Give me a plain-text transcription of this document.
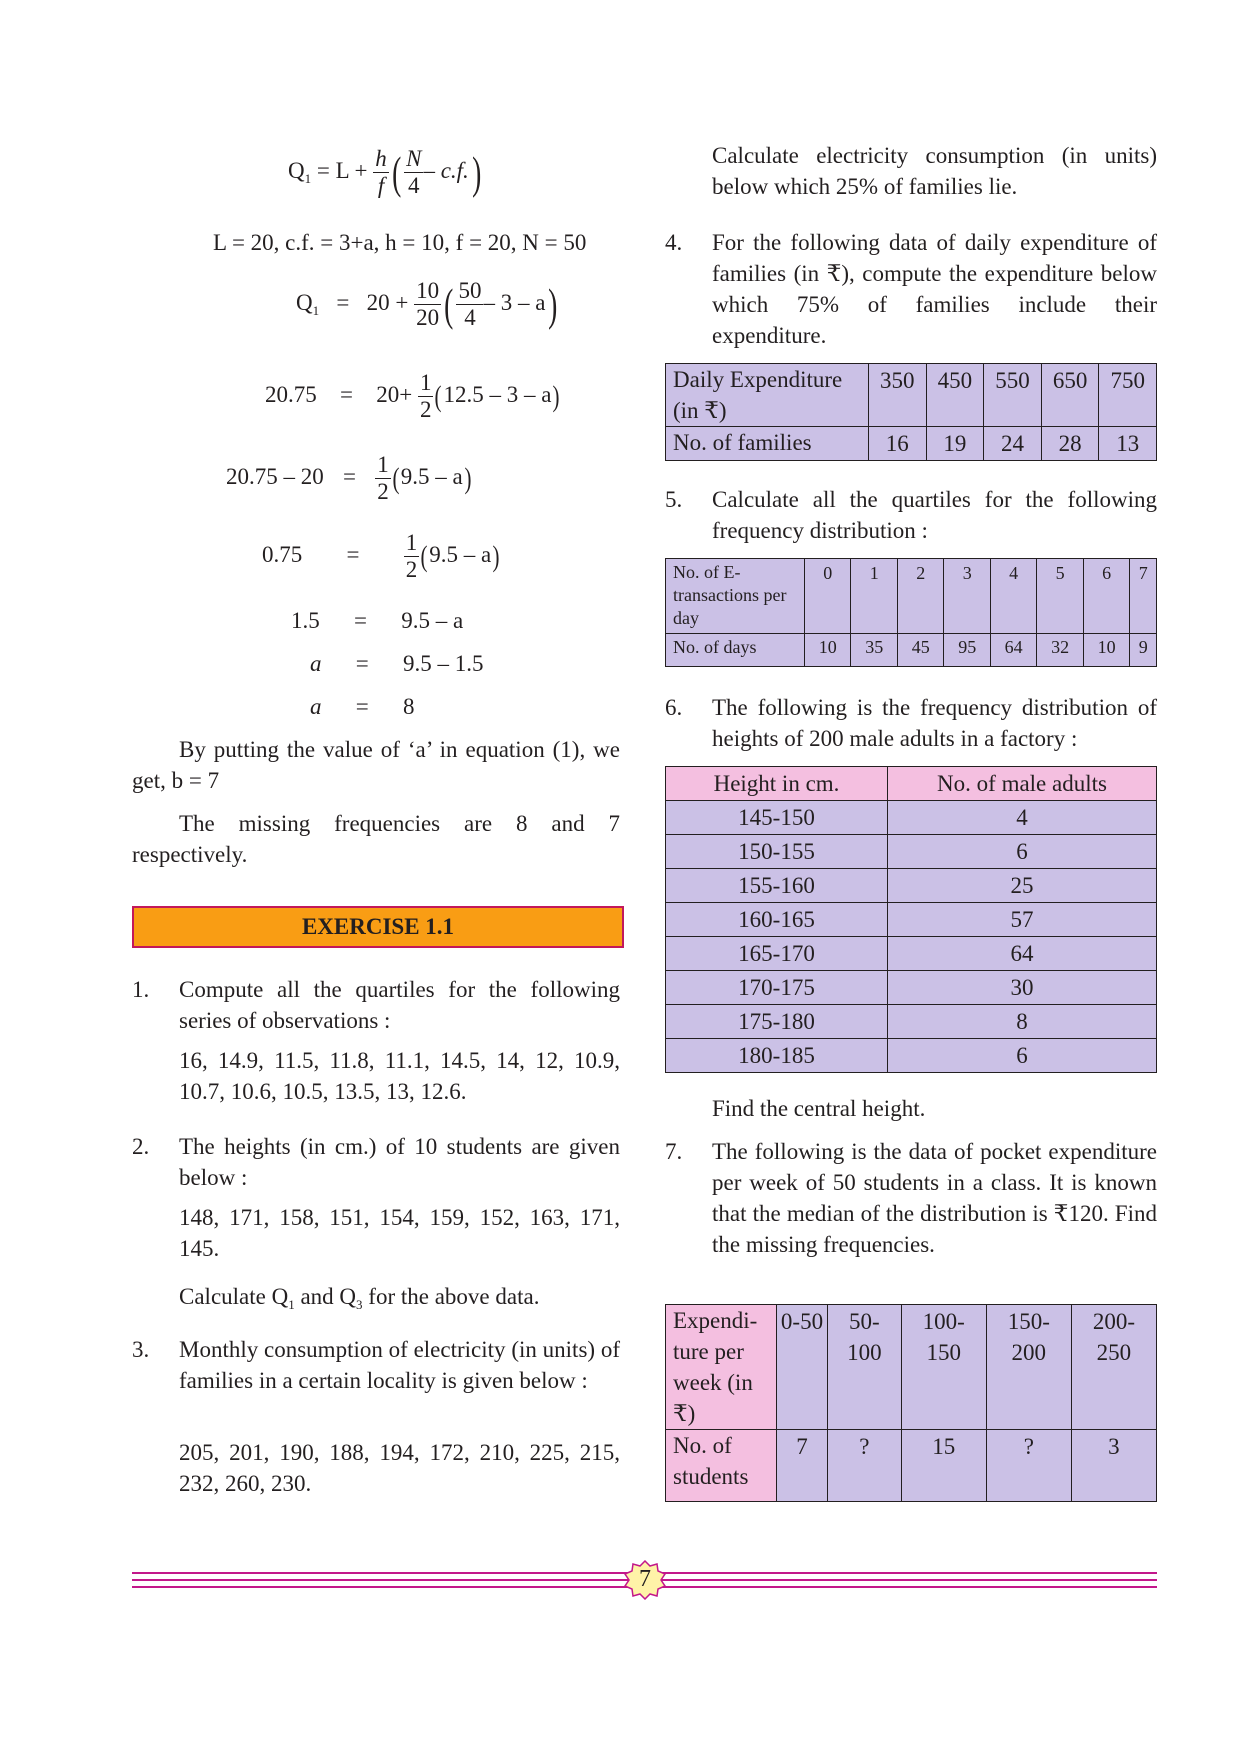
$Q_1 = L + \frac{h}{f}$ ( $\frac{N}{4} - c.f$.)
L = 20, c.f. = 3+a, h = 10, f = 20, N = 50
$Q_1 = 20 + \frac{10}{20}$ ( $\frac{50}{4} - 3 - a$)
$20.75 = 20+ \frac{1}{2} (12.5 - 3 - a)$
$20.75 - 20 = \frac{1}{2} (9.5 - a)$
$0.75 = \frac{1}{2} (9.5 - a)$
1.5 = 9.5 – a
a = 9.5 – 1.5
a = 8
By putting the value of ‘a’ in equation (1), we get, b = 7
The missing frequencies are 8 and 7 respectively.
EXERCISE 1.1
1. Compute all the quartiles for the following series of observations :
16, 14.9, 11.5, 11.8, 11.1, 14.5, 14, 12, 10.9, 10.7, 10.6, 10.5, 13.5, 13, 12.6.
2. The heights (in cm.) of 10 students are given below :
148, 171, 158, 151, 154, 159, 152, 163, 171, 145.
Calculate $Q_1$ and $Q_3$ for the above data.
3. Monthly consumption of electricity (in units) of families in a certain locality is given below :
205, 201, 190, 188, 194, 172, 210, 225, 215, 232, 260, 230.
Calculate electricity consumption (in units) below which 25% of families lie.
4. For the following data of daily expenditure of families (in ₹), compute the expenditure below which 75% of families include their expenditure.
Daily Expenditure (in ₹)	350	450	550	650	750
No. of families	16	19	24	28	13
5. Calculate all the quartiles for the following frequency distribution :
No. of E-transactions per day	0	1	2	3	4	5	6	7
No. of days	10	35	45	95	64	32	10	9
6. The following is the frequency distribution of heights of 200 male adults in a factory :
Height in cm.	No. of male adults
145-150	4
150-155	6
155-160	25
160-165	57
165-170	64
170-175	30
175-180	8
180-185	6
Find the central height.
7. The following is the data of pocket expenditure per week of 50 students in a class. It is known that the median of the distribution is ₹120. Find the missing frequencies.
Expendi- ture per week (in ₹)	0-50	50- 100	100- 150	150- 200	200- 250
No. of students	7	?	15	?	3
7
